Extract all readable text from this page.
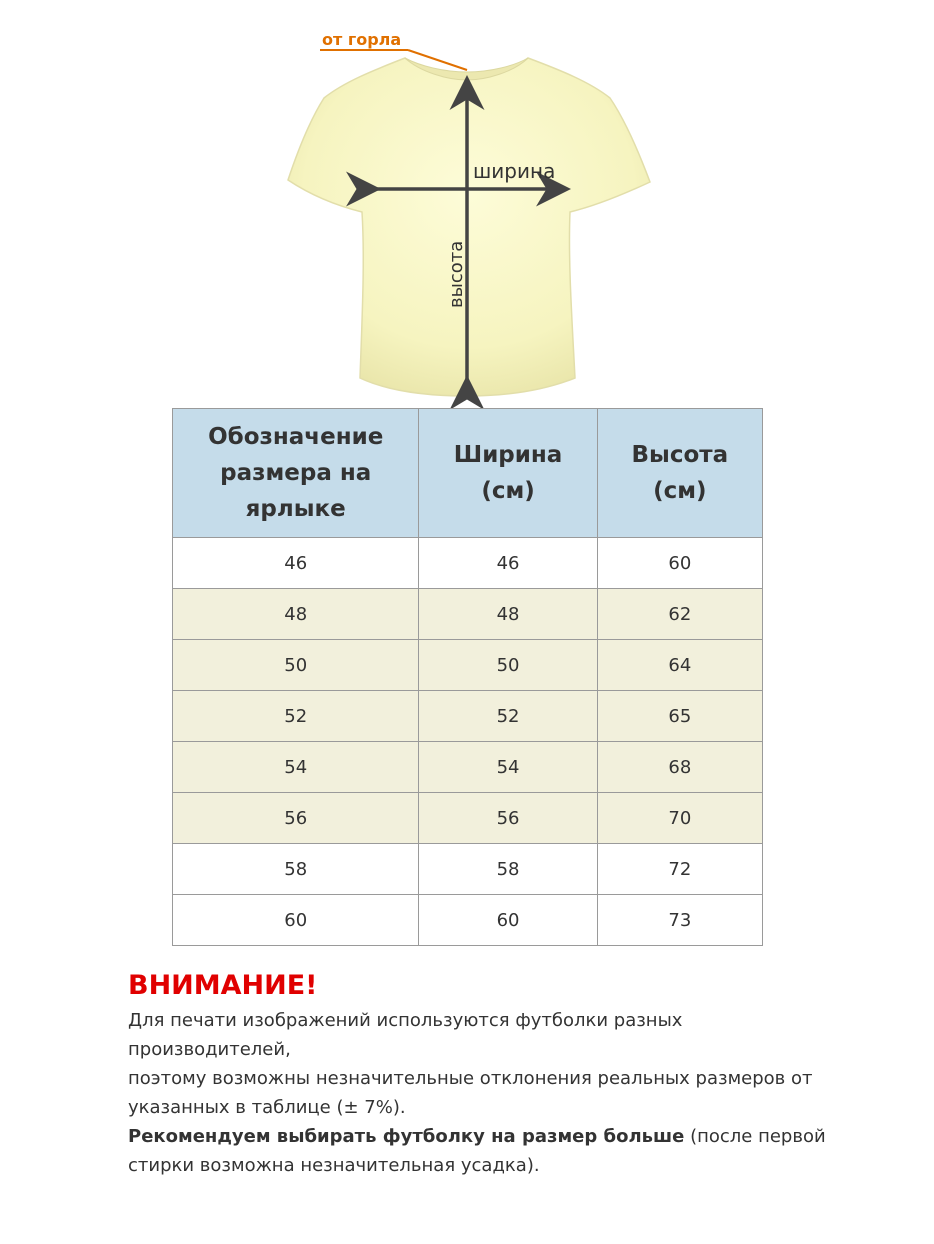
от горла
ширина
высота
Обозначение размера на ярлыке	Ширина (см)	Высота (см)
46	46	60
48	48	62
50	50	64
52	52	65
54	54	68
56	56	70
58	58	72
60	60	73
ВНИМАНИЕ!

Для печати изображений используются футболки разных производителей,

поэтому возможны незначительные отклонения реальных размеров от указанных в таблице (± 7%).

Рекомендуем выбирать футболку на размер больше (после первой стирки возможна незначительная усадка).
